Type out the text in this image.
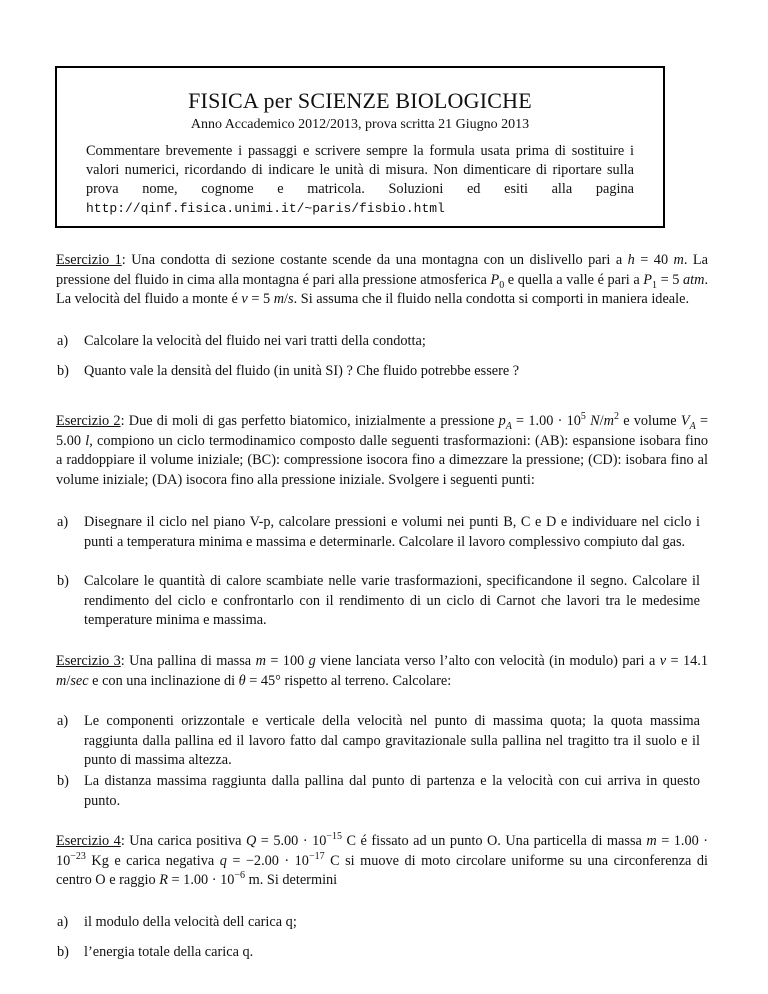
FISICA per SCIENZE BIOLOGICHE
Anno Accademico 2012/2013, prova scritta 21 Giugno 2013
Commentare brevemente i passaggi e scrivere sempre la formula usata prima di sostituire i valori numerici, ricordando di indicare le unità di misura. Non dimenticare di riportare sulla prova nome, cognome e matricola. Soluzioni ed esiti alla pagina http://qinf.fisica.unimi.it/~paris/fisbio.html

Esercizio 1: Una condotta di sezione costante scende da una montagna con un dislivello pari a h = 40 m. La pressione del fluido in cima alla montagna é pari alla pressione atmosferica $P_0$ e quella a valle é pari a $P_1 = 5$ atm. La velocità del fluido a monte é v = 5 m/s. Si assuma che il fluido nella condotta si comporti in maniera ideale.

a) Calcolare la velocità del fluido nei vari tratti della condotta;

b) Quanto vale la densità del fluido (in unità SI) ? Che fluido potrebbe essere ?

Esercizio 2: Due di moli di gas perfetto biatomico, inizialmente a pressione $p_A = 1.00 \cdot 10^5$ $N/m^2$ e volume $V_A = 5.00$ l, compiono un ciclo termodinamico composto dalle seguenti trasformazioni: (AB): espansione isobara fino a raddoppiare il volume iniziale; (BC): compressione isocora fino a dimezzare la pressione; (CD): isobara fino al volume iniziale; (DA) isocora fino alla pressione iniziale. Svolgere i seguenti punti:

a) Disegnare il ciclo nel piano V-p, calcolare pressioni e volumi nei punti B, C e D e individuare nel ciclo i punti a temperatura minima e massima e determinarle. Calcolare il lavoro complessivo compiuto dal gas.

b) Calcolare le quantità di calore scambiate nelle varie trasformazioni, specificandone il segno. Calcolare il rendimento del ciclo e confrontarlo con il rendimento di un ciclo di Carnot che lavori tra le medesime temperature minima e massima.

Esercizio 3: Una pallina di massa m = 100 g viene lanciata verso l’alto con velocità (in modulo) pari a v = 14.1 m/sec e con una inclinazione di θ = 45° rispetto al terreno. Calcolare:

a) Le componenti orizzontale e verticale della velocità nel punto di massima quota; la quota massima raggiunta dalla pallina ed il lavoro fatto dal campo gravitazionale sulla pallina nel tragitto tra il suolo e il punto di massima altezza.

b) La distanza massima raggiunta dalla pallina dal punto di partenza e la velocità con cui arriva in questo punto.

Esercizio 4: Una carica positiva $Q = 5.00 \cdot 10^{-15}$ C é fissato ad un punto O. Una particella di massa $m = 1.00 \cdot 10^{-23}$ Kg e carica negativa $q = -2.00 \cdot 10^{-17}$ C si muove di moto circolare uniforme su una circonferenza di centro O e raggio $R = 1.00 \cdot 10^{-6}$ m. Si determini

a) il modulo della velocità dell carica q;

b) l’energia totale della carica q.
